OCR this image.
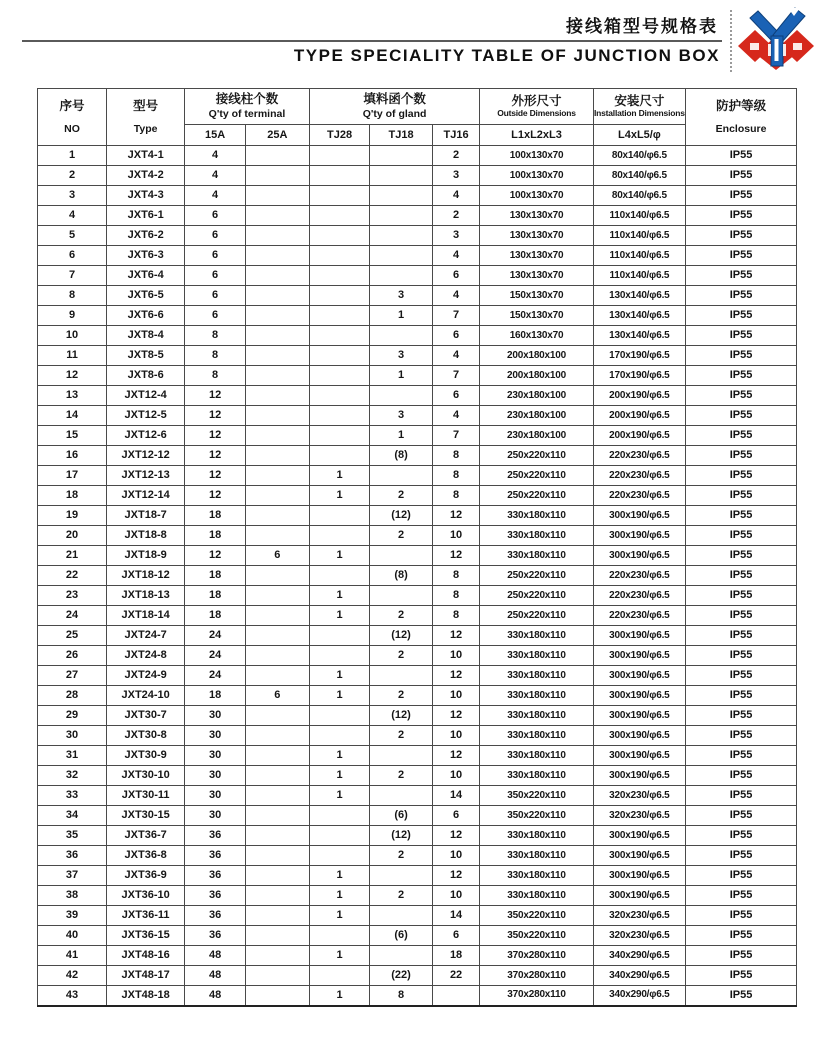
接线箱型号规格表
TYPE SPECIALITY TABLE OF JUNCTION BOX
序号
NO

型号
Type

接线柱个数
Q'ty of terminal

填料函个数
Q'ty of gland

外形尺寸
Outside Dimensions

安装尺寸
Installation Dimensions

防护等级
Enclosure

		15A	25A	TJ28	TJ18	TJ16	L1xL2xL3	L4xL5/φ	
1	JXT4-1	4				2	100x130x70	80x140/φ6.5	IP55
2	JXT4-2	4				3	100x130x70	80x140/φ6.5	IP55
3	JXT4-3	4				4	100x130x70	80x140/φ6.5	IP55
4	JXT6-1	6				2	130x130x70	110x140/φ6.5	IP55
5	JXT6-2	6				3	130x130x70	110x140/φ6.5	IP55
6	JXT6-3	6				4	130x130x70	110x140/φ6.5	IP55
7	JXT6-4	6				6	130x130x70	110x140/φ6.5	IP55
8	JXT6-5	6			3	4	150x130x70	130x140/φ6.5	IP55
9	JXT6-6	6			1	7	150x130x70	130x140/φ6.5	IP55
10	JXT8-4	8				6	160x130x70	130x140/φ6.5	IP55
11	JXT8-5	8			3	4	200x180x100	170x190/φ6.5	IP55
12	JXT8-6	8			1	7	200x180x100	170x190/φ6.5	IP55
13	JXT12-4	12				6	230x180x100	200x190/φ6.5	IP55
14	JXT12-5	12			3	4	230x180x100	200x190/φ6.5	IP55
15	JXT12-6	12			1	7	230x180x100	200x190/φ6.5	IP55
16	JXT12-12	12			(8)	8	250x220x110	220x230/φ6.5	IP55
17	JXT12-13	12		1		8	250x220x110	220x230/φ6.5	IP55
18	JXT12-14	12		1	2	8	250x220x110	220x230/φ6.5	IP55
19	JXT18-7	18			(12)	12	330x180x110	300x190/φ6.5	IP55
20	JXT18-8	18			2	10	330x180x110	300x190/φ6.5	IP55
21	JXT18-9	12	6	1		12	330x180x110	300x190/φ6.5	IP55
22	JXT18-12	18			(8)	8	250x220x110	220x230/φ6.5	IP55
23	JXT18-13	18		1		8	250x220x110	220x230/φ6.5	IP55
24	JXT18-14	18		1	2	8	250x220x110	220x230/φ6.5	IP55
25	JXT24-7	24			(12)	12	330x180x110	300x190/φ6.5	IP55
26	JXT24-8	24			2	10	330x180x110	300x190/φ6.5	IP55
27	JXT24-9	24		1		12	330x180x110	300x190/φ6.5	IP55
28	JXT24-10	18	6	1	2	10	330x180x110	300x190/φ6.5	IP55
29	JXT30-7	30			(12)	12	330x180x110	300x190/φ6.5	IP55
30	JXT30-8	30			2	10	330x180x110	300x190/φ6.5	IP55
31	JXT30-9	30		1		12	330x180x110	300x190/φ6.5	IP55
32	JXT30-10	30		1	2	10	330x180x110	300x190/φ6.5	IP55
33	JXT30-11	30		1		14	350x220x110	320x230/φ6.5	IP55
34	JXT30-15	30			(6)	6	350x220x110	320x230/φ6.5	IP55
35	JXT36-7	36			(12)	12	330x180x110	300x190/φ6.5	IP55
36	JXT36-8	36			2	10	330x180x110	300x190/φ6.5	IP55
37	JXT36-9	36		1		12	330x180x110	300x190/φ6.5	IP55
38	JXT36-10	36		1	2	10	330x180x110	300x190/φ6.5	IP55
39	JXT36-11	36		1		14	350x220x110	320x230/φ6.5	IP55
40	JXT36-15	36			(6)	6	350x220x110	320x230/φ6.5	IP55
41	JXT48-16	48		1		18	370x280x110	340x290/φ6.5	IP55
42	JXT48-17	48			(22)	22	370x280x110	340x290/φ6.5	IP55
43	JXT48-18	48		1	8		370x280x110	340x290/φ6.5	IP55
